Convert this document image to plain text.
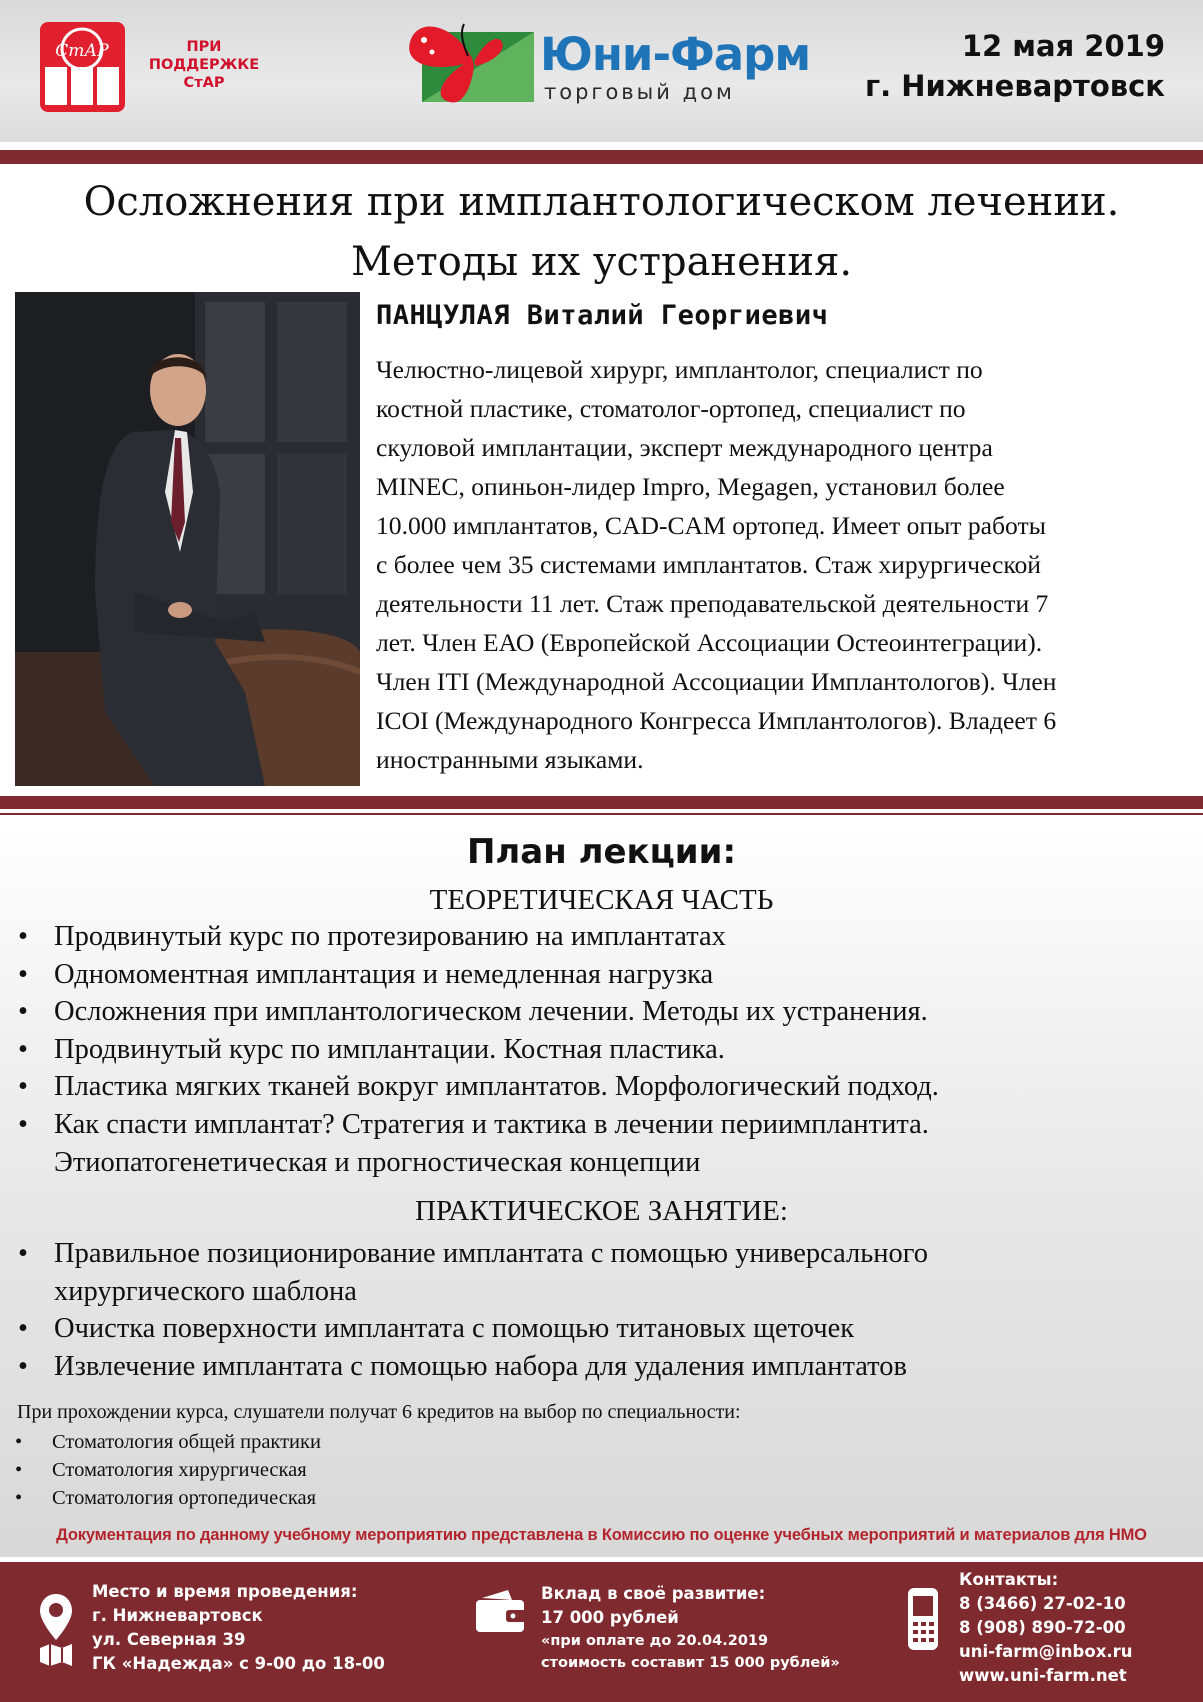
СтАР	ПРИ ПОДДЕРЖКЕ СтАР
Юни-Фарм
торговый дом
12 мая 2019
г. Нижневартовск
Осложнения при имплантологическом лечении.
Методы их устранения.
ПАНЦУЛАЯ Виталий Георгиевич
Челюстно-лицевой хирург, имплантолог, специалист по
костной пластике, стоматолог-ортопед, специалист по
скуловой имплантации, эксперт международного центра
MINEC, опиньон-лидер Impro, Megagen, установил более
10.000 имплантатов, CAD-CAM ортопед. Имеет опыт работы
с более чем 35 системами имплантатов. Стаж хирургической
деятельности 11 лет. Стаж преподавательской деятельности 7
лет. Член ЕАО (Европейской Ассоциации Остеоинтеграции).
Член ITI (Международной Ассоциации Имплантологов). Член
ICOI (Международного Конгресса Имплантологов). Владеет 6
иностранными языками.
План лекции:
ТЕОРЕТИЧЕСКАЯ ЧАСТЬ
• Продвинутый курс по протезированию на имплантатах
• Одномоментная имплантация и немедленная нагрузка
• Осложнения при имплантологическом лечении. Методы их устранения.
• Продвинутый курс по имплантации. Костная пластика.
• Пластика мягких тканей вокруг имплантатов. Морфологический подход.
• Как спасти имплантат? Стратегия и тактика в лечении периимплантита.
Этиопатогенетическая и прогностическая концепции
ПРАКТИЧЕСКОЕ ЗАНЯТИЕ:
• Правильное позиционирование имплантата с помощью универсального
хирургического шаблона
• Очистка поверхности имплантата с помощью титановых щеточек
• Извлечение имплантата с помощью набора для удаления имплантатов
При прохождении курса, слушатели получат 6 кредитов на выбор по специальности:
• Стоматология общей практики
• Стоматология хирургическая
• Стоматология ортопедическая
Документация по данному учебному мероприятию представлена в Комиссию по оценке учебных мероприятий и материалов для НМО
Место и время проведения:
г. Нижневартовск
ул. Северная 39
ГК «Надежда» с 9-00 до 18-00
Вклад в своё развитие:
17 000 рублей
«при оплате до 20.04.2019
стоимость составит 15 000 рублей»
Контакты:
8 (3466) 27-02-10
8 (908) 890-72-00
uni-farm@inbox.ru
www.uni-farm.net
